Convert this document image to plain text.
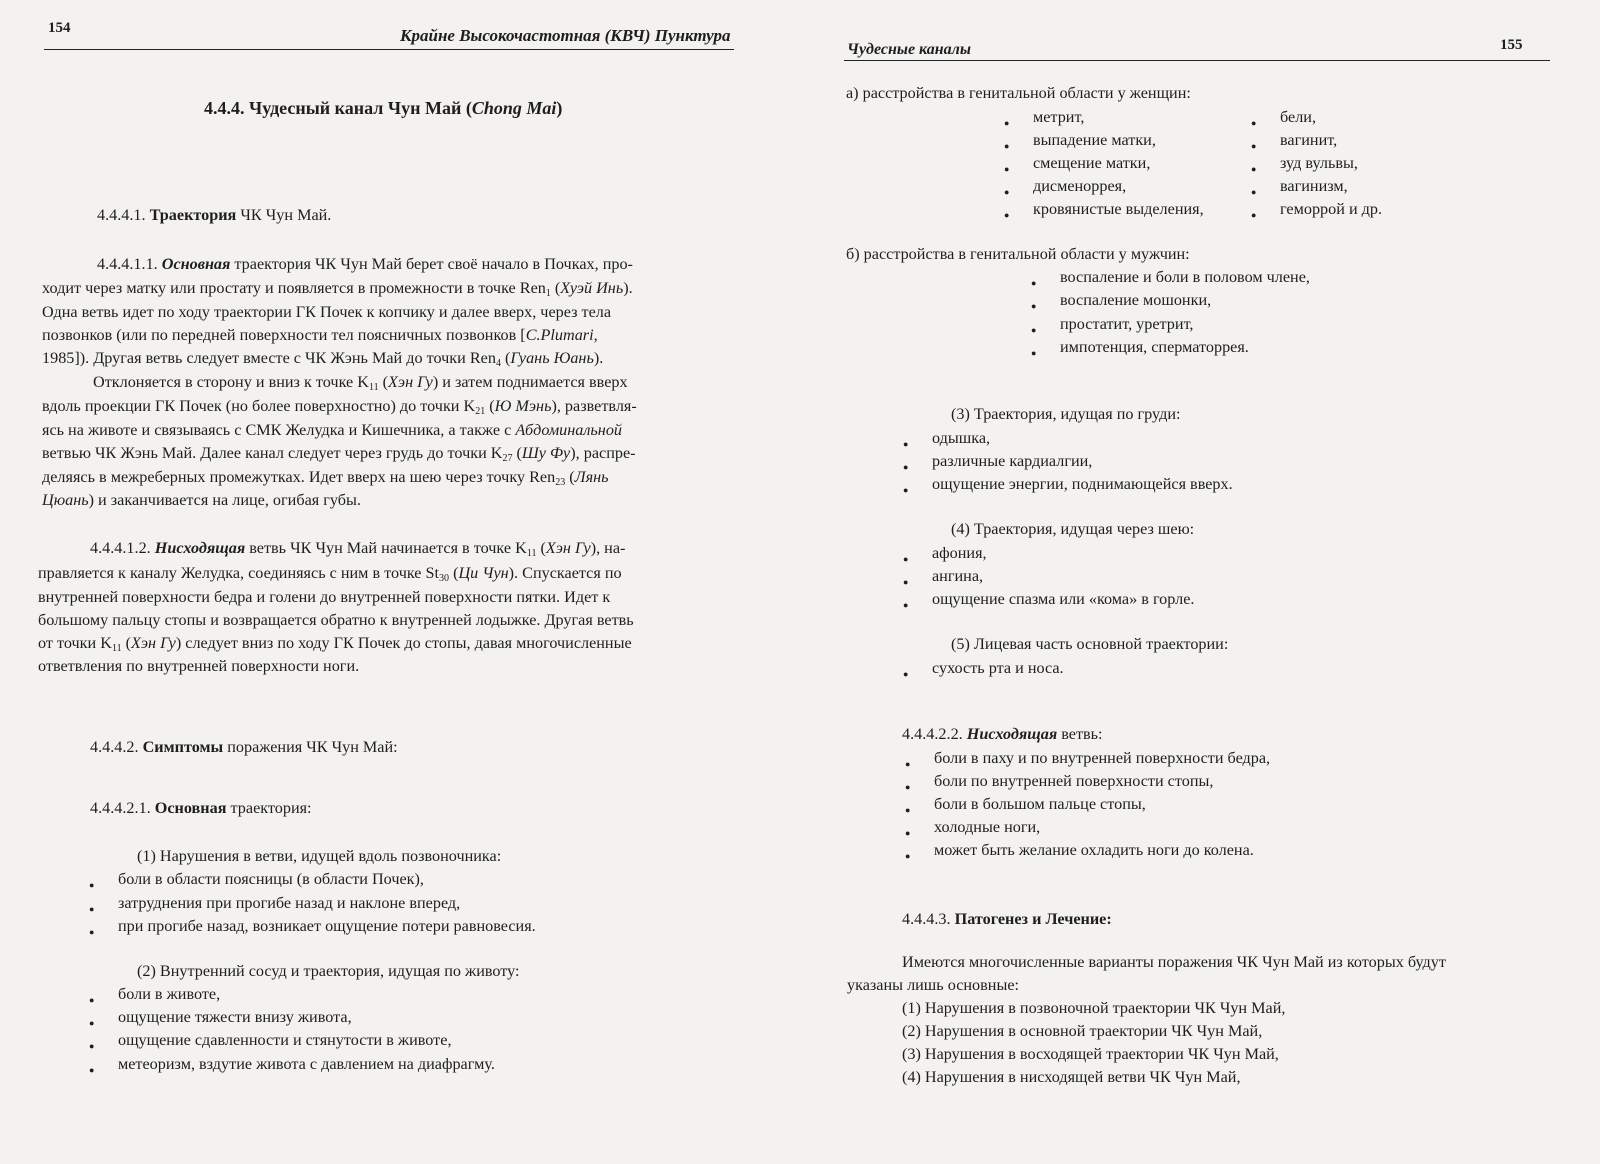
154	Крайне Высокочастотная (КВЧ) Пунктура
4.4.4. Чудесный канал Чун Май (Chong Mai)
4.4.4.1. Траектория ЧК Чун Май.
4.4.4.1.1. Основная траектория ЧК Чун Май берет своё начало в Почках, про-
ходит через матку или простату и появляется в промежности в точке Ren$_1$ (Хуэй Инь).
Одна ветвь идет по ходу траектории ГК Почек к копчику и далее вверх, через тела
позвонков (или по передней поверхности тел поясничных позвонков [C.Plumari,
1985]). Другая ветвь следует вместе с ЧК Жэнь Май до точки Ren$_4$ (Гуань Юань).
Отклоняется в сторону и вниз к точке $K_{11}$ (Хэн Гу) и затем поднимается вверх
вдоль проекции ГК Почек (но более поверхностно) до точки $K_{21}$ (Ю Мэнь), разветвля-
ясь на животе и связываясь с СМК Желудка и Кишечника, а также с Абдоминальной
ветвью ЧК Жэнь Май. Далее канал следует через грудь до точки $K_{27}$ (Шу Фу), распре-
деляясь в межреберных промежутках. Идет вверх на шею через точку Ren$_{23}$ (Лянь
Цюань) и заканчивается на лице, огибая губы.
4.4.4.1.2. Нисходящая ветвь ЧК Чун Май начинается в точке $K_{11}$ (Хэн Гу), на-
правляется к каналу Желудка, соединяясь с ним в точке $St_{30}$ (Ци Чун). Спускается по
внутренней поверхности бедра и голени до внутренней поверхности пятки. Идет к
большому пальцу стопы и возвращается обратно к внутренней лодыжке. Другая ветвь
от точки $K_{11}$ (Хэн Гу) следует вниз по ходу ГК Почек до стопы, давая многочисленные
ответвления по внутренней поверхности ноги.
4.4.4.2. Симптомы поражения ЧК Чун Май:
4.4.4.2.1. Основная траектория:
(1) Нарушения в ветви, идущей вдоль позвоночника:
● боли в области поясницы (в области Почек),
● затруднения при прогибе назад и наклоне вперед,
● при прогибе назад, возникает ощущение потери равновесия.
(2) Внутренний сосуд и траектория, идущая по животу:
● боли в животе,
● ощущение тяжести внизу живота,
● ощущение сдавленности и стянутости в животе,
● метеоризм, вздутие живота с давлением на диафрагму.
Чудесные каналы	155
а) расстройства в генитальной области у женщин:
● метрит,
● выпадение матки,
● смещение матки,
● дисменоррея,
● кровянистые выделения,
● бели,
● вагинит,
● зуд вульвы,
● вагинизм,
● геморрой и др.
б) расстройства в генитальной области у мужчин:
● воспаление и боли в половом члене,
● воспаление мошонки,
● простатит, уретрит,
● импотенция, сперматоррея.
(3) Траектория, идущая по груди:
● одышка,
● различные кардиалгии,
● ощущение энергии, поднимающейся вверх.
(4) Траектория, идущая через шею:
● афония,
● ангина,
● ощущение спазма или «кома» в горле.
(5) Лицевая часть основной траектории:
● сухость рта и носа.
4.4.4.2.2. Нисходящая ветвь:
● боли в паху и по внутренней поверхности бедра,
● боли по внутренней поверхности стопы,
● боли в большом пальце стопы,
● холодные ноги,
● может быть желание охладить ноги до колена.
4.4.4.3. Патогенез и Лечение:
Имеются многочисленные варианты поражения ЧК Чун Май из которых будут
указаны лишь основные:
(1) Нарушения в позвоночной траектории ЧК Чун Май,
(2) Нарушения в основной траектории ЧК Чун Май,
(3) Нарушения в восходящей траектории ЧК Чун Май,
(4) Нарушения в нисходящей ветви ЧК Чун Май,
